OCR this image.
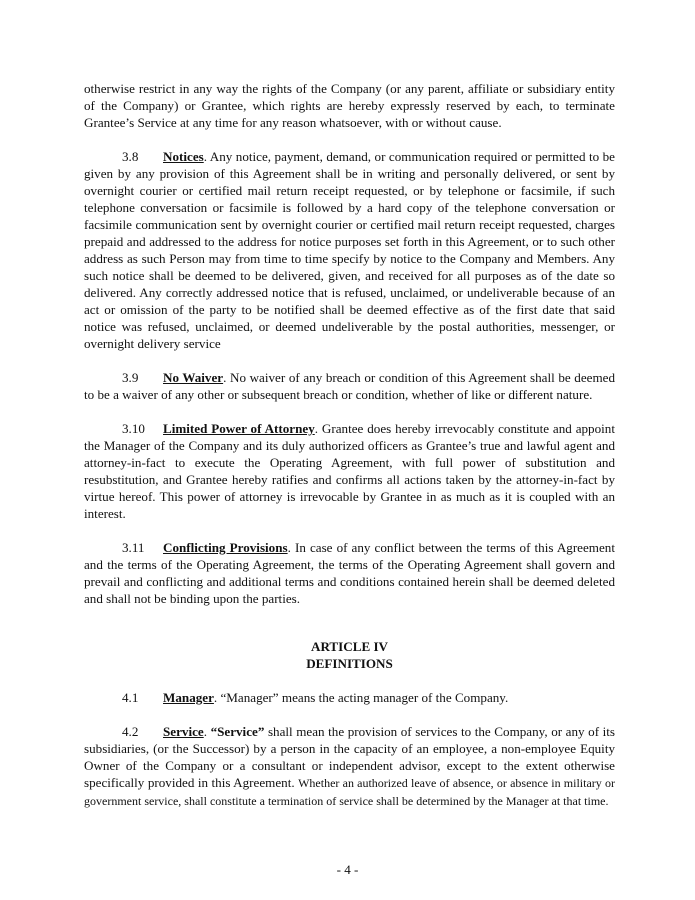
otherwise restrict in any way the rights of the Company (or any parent, affiliate or subsidiary entity of the Company) or Grantee, which rights are hereby expressly reserved by each, to terminate Grantee’s Service at any time for any reason whatsoever, with or without cause.

3.8 Notices. Any notice, payment, demand, or communication required or permitted to be given by any provision of this Agreement shall be in writing and personally delivered, or sent by overnight courier or certified mail return receipt requested, or by telephone or facsimile, if such telephone conversation or facsimile is followed by a hard copy of the telephone conversation or facsimile communication sent by overnight courier or certified mail return receipt requested, charges prepaid and addressed to the address for notice purposes set forth in this Agreement, or to such other address as such Person may from time to time specify by notice to the Company and Members. Any such notice shall be deemed to be delivered, given, and received for all purposes as of the date so delivered. Any correctly addressed notice that is refused, unclaimed, or undeliverable because of an act or omission of the party to be notified shall be deemed effective as of the first date that said notice was refused, unclaimed, or deemed undeliverable by the postal authorities, messenger, or overnight delivery service

3.9 No Waiver. No waiver of any breach or condition of this Agreement shall be deemed to be a waiver of any other or subsequent breach or condition, whether of like or different nature.

3.10 Limited Power of Attorney. Grantee does hereby irrevocably constitute and appoint the Manager of the Company and its duly authorized officers as Grantee’s true and lawful agent and attorney-in-fact to execute the Operating Agreement, with full power of substitution and resubstitution, and Grantee hereby ratifies and confirms all actions taken by the attorney-in-fact by virtue hereof. This power of attorney is irrevocable by Grantee in as much as it is coupled with an interest.

3.11 Conflicting Provisions. In case of any conflict between the terms of this Agreement and the terms of the Operating Agreement, the terms of the Operating Agreement shall govern and prevail and conflicting and additional terms and conditions contained herein shall be deemed deleted and shall not be binding upon the parties.

ARTICLE IV
DEFINITIONS

4.1 Manager. “Manager” means the acting manager of the Company.

4.2 Service. “Service” shall mean the provision of services to the Company, or any of its subsidiaries, (or the Successor) by a person in the capacity of an employee, a non-employee Equity Owner of the Company or a consultant or independent advisor, except to the extent otherwise specifically provided in this Agreement. Whether an authorized leave of absence, or absence in military or government service, shall constitute a termination of service shall be determined by the Manager at that time.

- 4 -
